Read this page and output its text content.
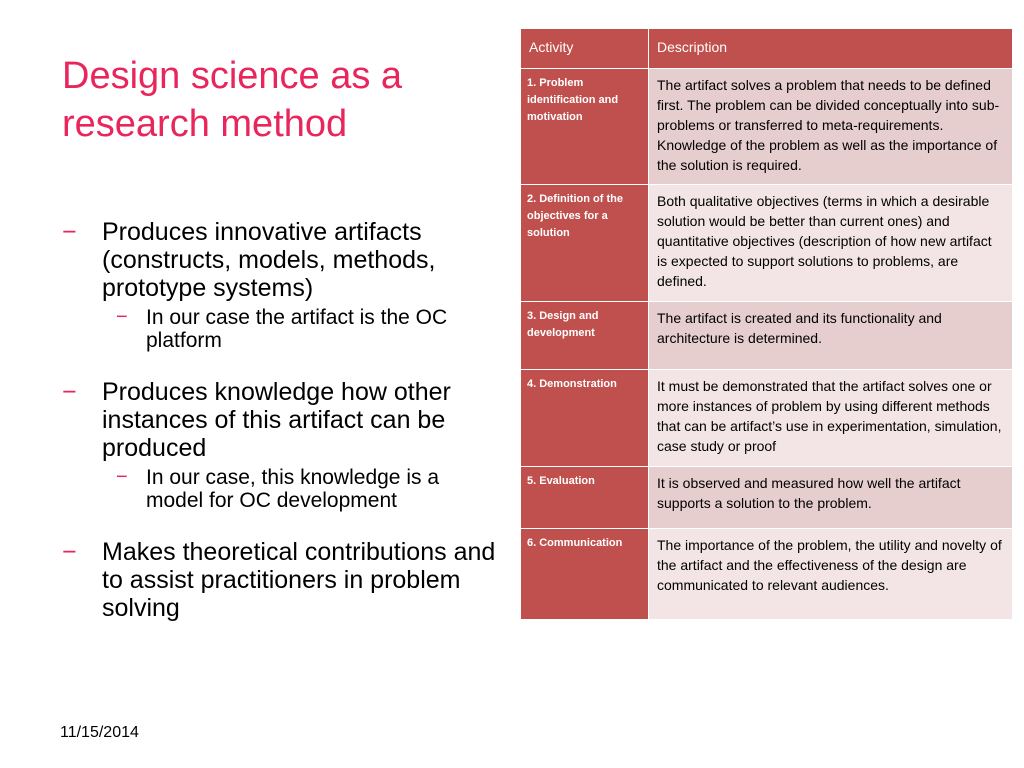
Design science as a research method
− Produces innovative artifacts (constructs, models, methods, prototype systems)
− In our case the artifact is the OC platform
− Produces knowledge how other instances of this artifact can be produced
− In our case, this knowledge is a model for OC development
− Makes theoretical contributions and to assist practitioners in problem solving
Activity	Description
1. Problem identification and motivation	The artifact solves a problem that needs to be defined first. The problem can be divided conceptually into sub-problems or transferred to meta-requirements. Knowledge of the problem as well as the importance of the solution is required.
2. Definition of the objectives for a solution	Both qualitative objectives (terms in which a desirable solution would be better than current ones) and quantitative objectives (description of how new artifact is expected to support solutions to problems, are defined.
3. Design and development	The artifact is created and its functionality and architecture is determined.
4. Demonstration	It must be demonstrated that the artifact solves one or more instances of problem by using different methods that can be artifact’s use in experimentation, simulation, case study or proof
5. Evaluation	It is observed and measured how well the artifact supports a solution to the problem.
6. Communication	The importance of the problem, the utility and novelty of the artifact and the effectiveness of the design are communicated to relevant audiences.
11/15/2014
